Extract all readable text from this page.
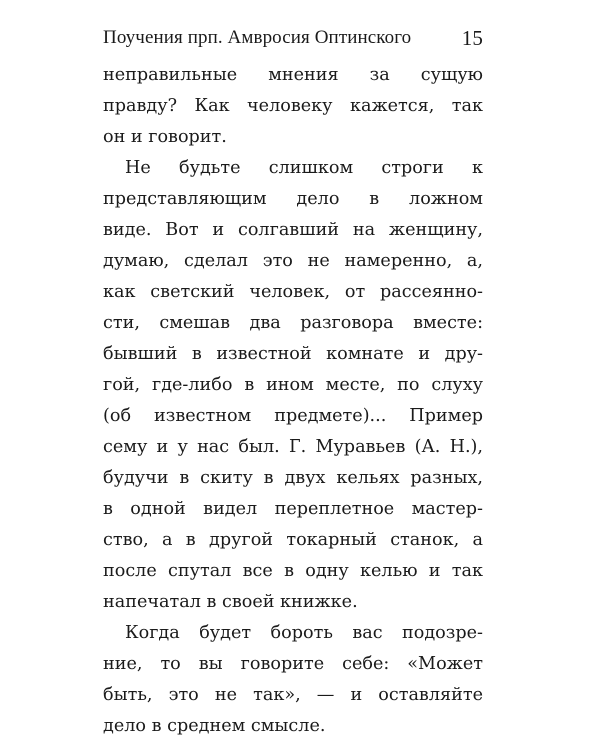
Поучения прп. Амвросия Оптинского 15

неправильные мнения за сущую
правду? Как человеку кажется, так
он и говорит.

Не будьте слишком строги к
представляющим дело в ложном
виде. Вот и солгавший на женщину,
думаю, сделал это не намеренно, а,
как светский человек, от рассеянно-
сти, смешав два разговора вместе:
бывший в известной комнате и дру-
гой, где-либо в ином месте, по слуху
(об известном предмете)... Пример
сему и у нас был. Г. Муравьев (А. Н.),
будучи в скиту в двух кельях разных,
в одной видел переплетное мастер-
ство, а в другой токарный станок, а
после спутал все в одну келью и так
напечатал в своей книжке.

Когда будет бороть вас подозре-
ние, то вы говорите себе: «Может
быть, это не так», — и оставляйте
дело в среднем смысле.
